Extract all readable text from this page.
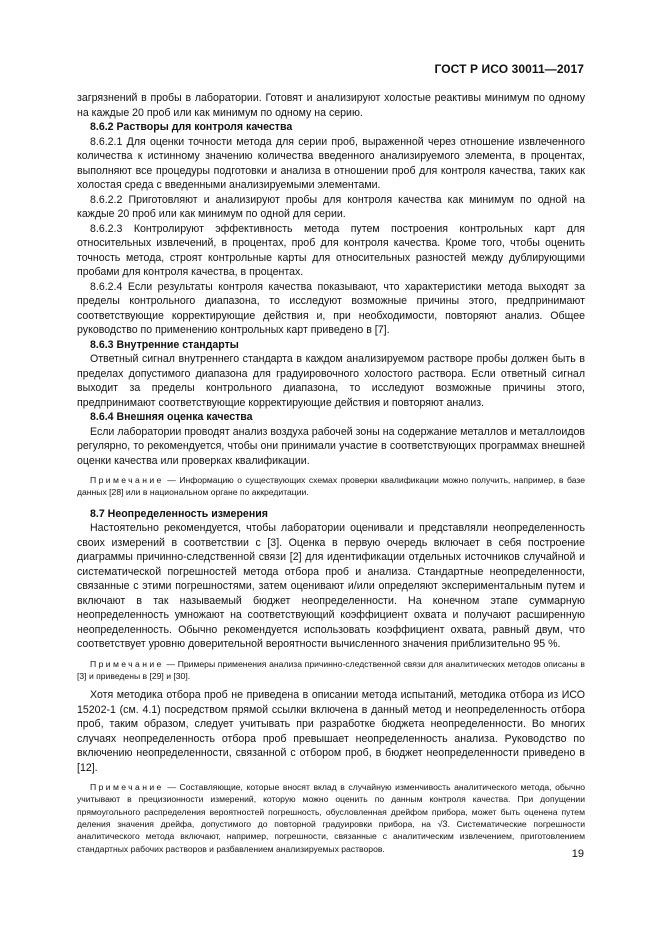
ГОСТ Р ИСО 30011—2017

загрязнений в пробы в лаборатории. Готовят и анализируют холостые реактивы минимум по одному на каждые 20 проб или как минимум по одному на серию.

8.6.2 Растворы для контроля качества

8.6.2.1 Для оценки точности метода для серии проб, выраженной через отношение извлеченного количества к истинному значению количества введенного анализируемого элемента, в процентах, выполняют все процедуры подготовки и анализа в отношении проб для контроля качества, таких как холостая среда с введенными анализируемыми элементами.

8.6.2.2 Приготовляют и анализируют пробы для контроля качества как минимум по одной на каждые 20 проб или как минимум по одной для серии.

8.6.2.3 Контролируют эффективность метода путем построения контрольных карт для относительных извлечений, в процентах, проб для контроля качества. Кроме того, чтобы оценить точность метода, строят контрольные карты для относительных разностей между дублирующими пробами для контроля качества, в процентах.

8.6.2.4 Если результаты контроля качества показывают, что характеристики метода выходят за пределы контрольного диапазона, то исследуют возможные причины этого, предпринимают соответствующие корректирующие действия и, при необходимости, повторяют анализ. Общее руководство по применению контрольных карт приведено в [7].

8.6.3 Внутренние стандарты

Ответный сигнал внутреннего стандарта в каждом анализируемом растворе пробы должен быть в пределах допустимого диапазона для градуировочного холостого раствора. Если ответный сигнал выходит за пределы контрольного диапазона, то исследуют возможные причины этого, предпринимают соответствующие корректирующие действия и повторяют анализ.

8.6.4 Внешняя оценка качества

Если лаборатории проводят анализ воздуха рабочей зоны на содержание металлов и металлоидов регулярно, то рекомендуется, чтобы они принимали участие в соответствующих программах внешней оценки качества или проверках квалификации.

Примечание — Информацию о существующих схемах проверки квалификации можно получить, например, в базе данных [28] или в национальном органе по аккредитации.

8.7 Неопределенность измерения

Настоятельно рекомендуется, чтобы лаборатории оценивали и представляли неопределенность своих измерений в соответствии с [3]. Оценка в первую очередь включает в себя построение диаграммы причинно-следственной связи [2] для идентификации отдельных источников случайной и систематической погрешностей метода отбора проб и анализа. Стандартные неопределенности, связанные с этими погрешностями, затем оценивают и/или определяют экспериментальным путем и включают в так называемый бюджет неопределенности. На конечном этапе суммарную неопределенность умножают на соответствующий коэффициент охвата и получают расширенную неопределенность. Обычно рекомендуется использовать коэффициент охвата, равный двум, что соответствует уровню доверительной вероятности вычисленного значения приблизительно 95 %.

Примечание — Примеры применения анализа причинно-следственной связи для аналитических методов описаны в [3] и приведены в [29] и [30].

Хотя методика отбора проб не приведена в описании метода испытаний, методика отбора из ИСО 15202-1 (см. 4.1) посредством прямой ссылки включена в данный метод и неопределенность отбора проб, таким образом, следует учитывать при разработке бюджета неопределенности. Во многих случаях неопределенность отбора проб превышает неопределенность анализа. Руководство по включению неопределенности, связанной с отбором проб, в бюджет неопределенности приведено в [12].

Примечание — Составляющие, которые вносят вклад в случайную изменчивость аналитического метода, обычно учитывают в прецизионности измерений, которую можно оценить по данным контроля качества. При допущении прямоугольного распределения вероятностей погрешность, обусловленная дрейфом прибора, может быть оценена путем деления значения дрейфа, допустимого до повторной градуировки прибора, на √3. Систематические погрешности аналитического метода включают, например, погрешности, связанные с аналитическим извлечением, приготовлением стандартных рабочих растворов и разбавлением анализируемых растворов.	19
